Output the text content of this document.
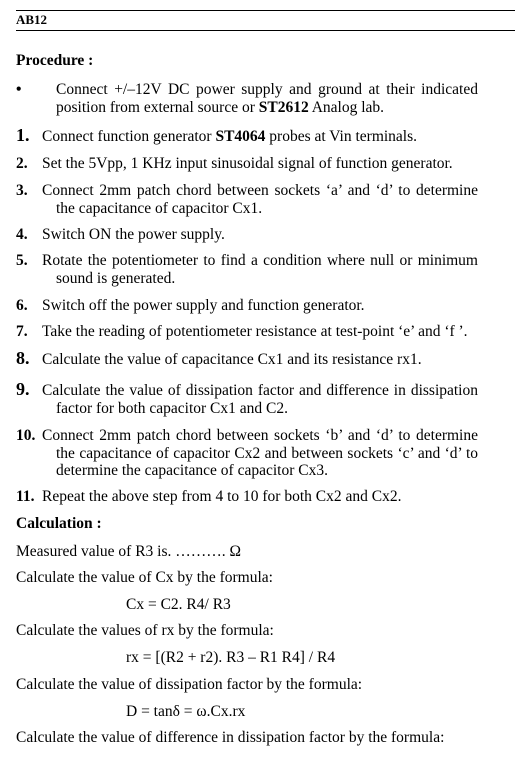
AB12
Procedure :
• Connect +/–12V DC power supply and ground at their indicated position from external source or ST2612 Analog lab.
1. Connect function generator ST4064 probes at Vin terminals.
2. Set the 5Vpp, 1 KHz input sinusoidal signal of function generator.
3. Connect 2mm patch chord between sockets ‘a’ and ‘d’ to determine the capacitance of capacitor Cx1.
4. Switch ON the power supply.
5. Rotate the potentiometer to find a condition where null or minimum sound is generated.
6. Switch off the power supply and function generator.
7. Take the reading of potentiometer resistance at test-point ‘e’ and ‘f ’.
8. Calculate the value of capacitance Cx1 and its resistance rx1.
9. Calculate the value of dissipation factor and difference in dissipation factor for both capacitor Cx1 and C2.
10. Connect 2mm patch chord between sockets ‘b’ and ‘d’ to determine the capacitance of capacitor Cx2 and between sockets ‘c’ and ‘d’ to determine the capacitance of capacitor Cx3.
11. Repeat the above step from 4 to 10 for both Cx2 and Cx2.
Calculation :
Measured value of R3 is. ………. Ω
Calculate the value of Cx by the formula:
Cx = C2. R4/ R3
Calculate the values of rx by the formula:
rx = [(R2 + r2). R3 – R1 R4] / R4
Calculate the value of dissipation factor by the formula:
D = tanδ = ω.Cx.rx
Calculate the value of difference in dissipation factor by the formula:
